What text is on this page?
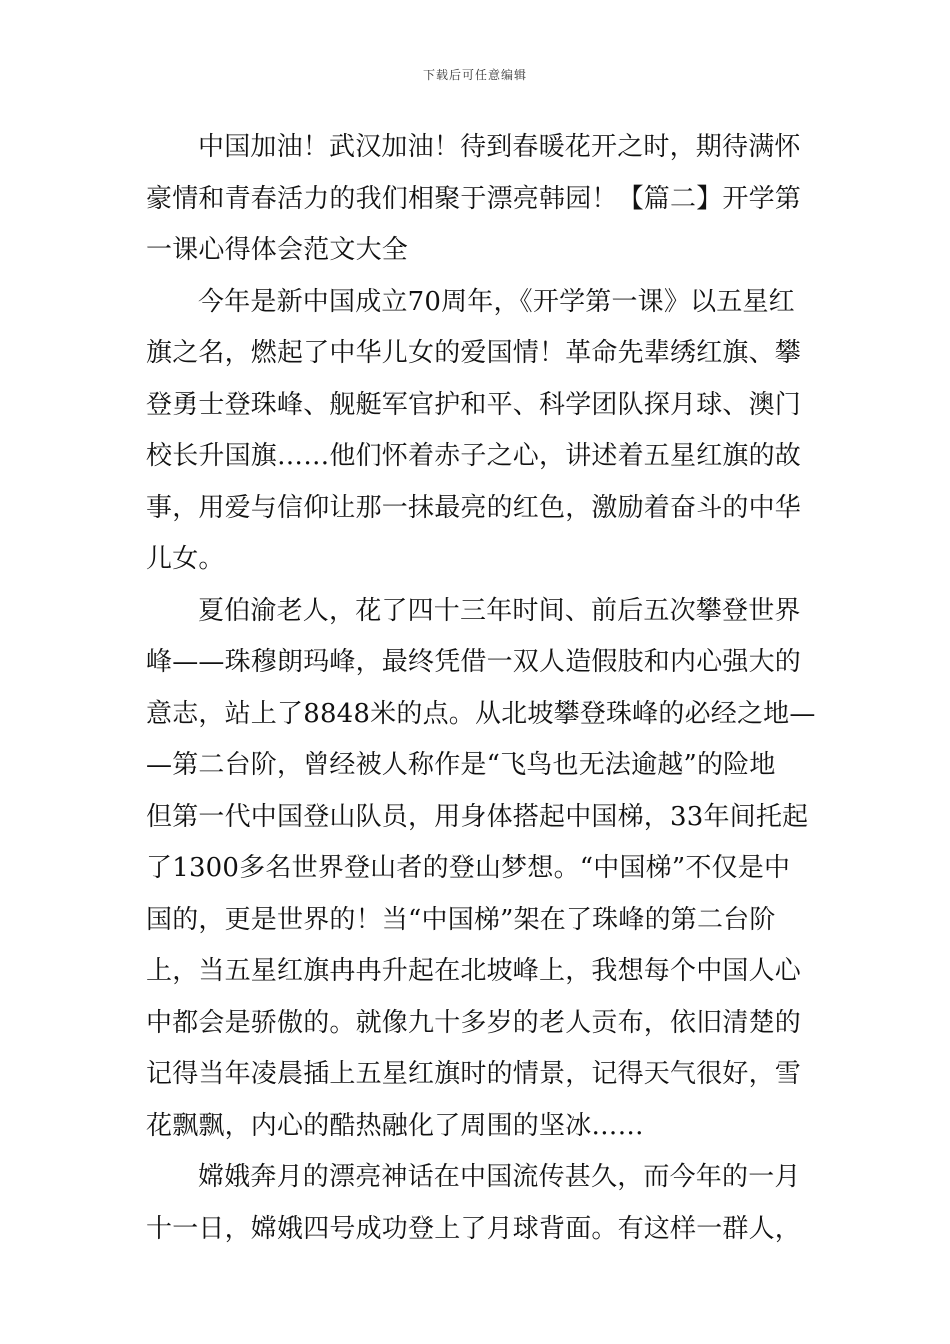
下载后可任意编辑
中国加油！武汉加油！待到春暖花开之时，期待满怀
豪情和青春活力的我们相聚于漂亮韩园！【篇二】开学第
一课心得体会范文大全
今年是新中国成立70周年，《开学第一课》以五星红
旗之名，燃起了中华儿女的爱国情！革命先辈绣红旗、攀
登勇士登珠峰、舰艇军官护和平、科学团队探月球、澳门
校长升国旗……他们怀着赤子之心，讲述着五星红旗的故
事，用爱与信仰让那一抹最亮的红色，激励着奋斗的中华
儿女。
夏伯渝老人，花了四十三年时间、前后五次攀登世界
峰——珠穆朗玛峰，最终凭借一双人造假肢和内心强大的
意志，站上了8848米的点。从北坡攀登珠峰的必经之地—
—第二台阶，曾经被人称作是“飞鸟也无法逾越”的险地
但第一代中国登山队员，用身体搭起中国梯，33年间托起
了1300多名世界登山者的登山梦想。“中国梯”不仅是中
国的，更是世界的！当“中国梯”架在了珠峰的第二台阶
上，当五星红旗冉冉升起在北坡峰上，我想每个中国人心
中都会是骄傲的。就像九十多岁的老人贡布，依旧清楚的
记得当年凌晨插上五星红旗时的情景，记得天气很好，雪
花飘飘，内心的酷热融化了周围的坚冰……
嫦娥奔月的漂亮神话在中国流传甚久，而今年的一月
十一日，嫦娥四号成功登上了月球背面。有这样一群人，
